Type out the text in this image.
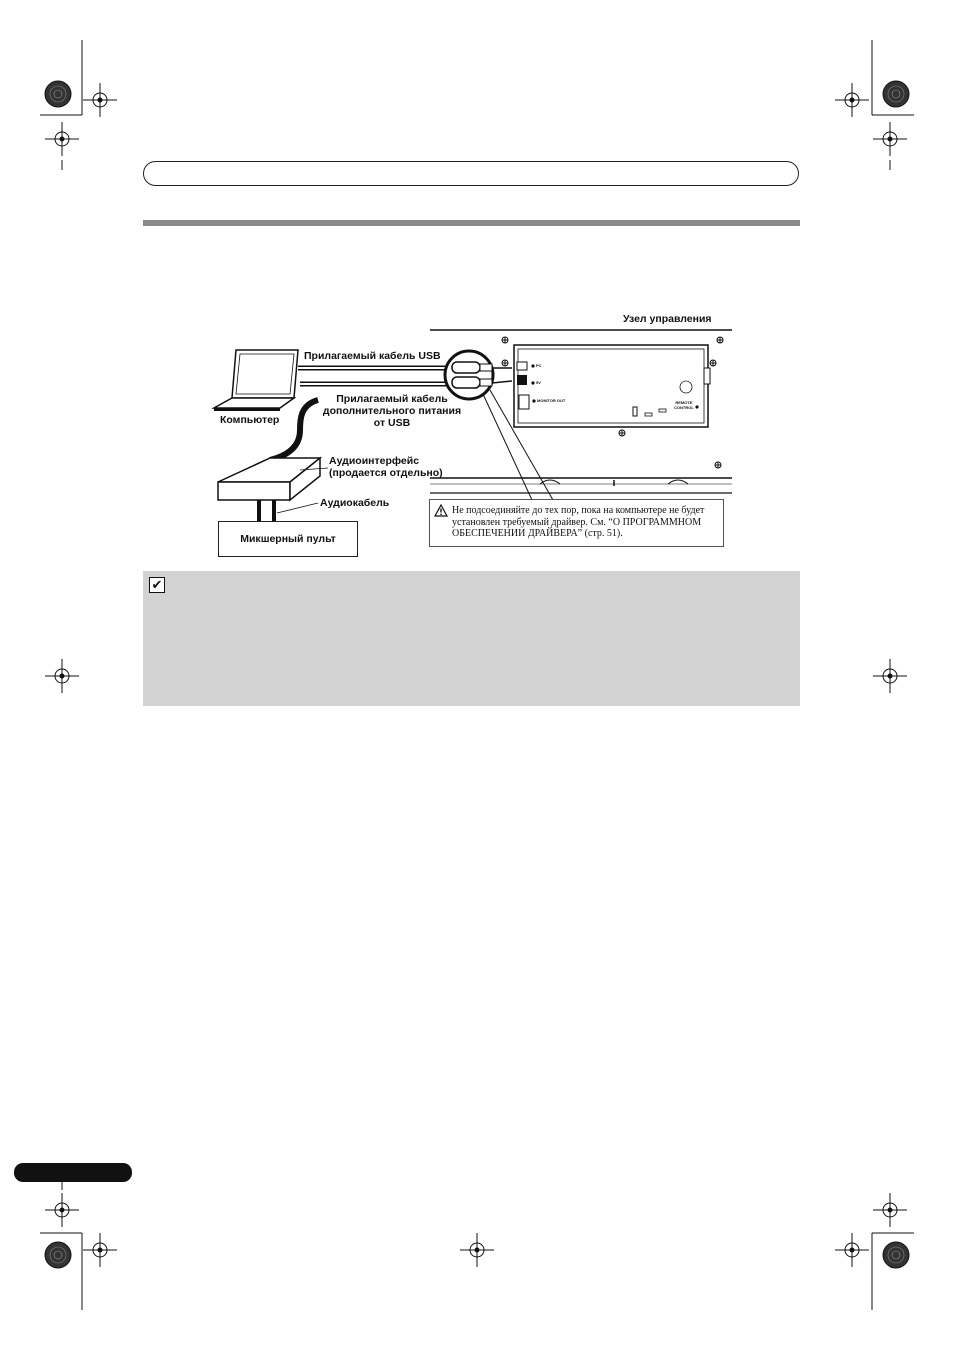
Узел управления
Прилагаемый кабель USB
Прилагаемый кабель
дополнительного питания
от USB
Компьютер
Аудиоинтерфейс
(продается отдельно)
Аудиокабель
PC
5V
MONITOR OUT	REMOTE
CONTROL
Микшерный пульт
Не подсоединяйте до тех пор, пока на компьютере не будет
установлен требуемый драйвер. См. “О ПРОГРАММНОМ
ОБЕСПЕЧЕНИИ ДРАЙВЕРА” (стр. 51).
✔
